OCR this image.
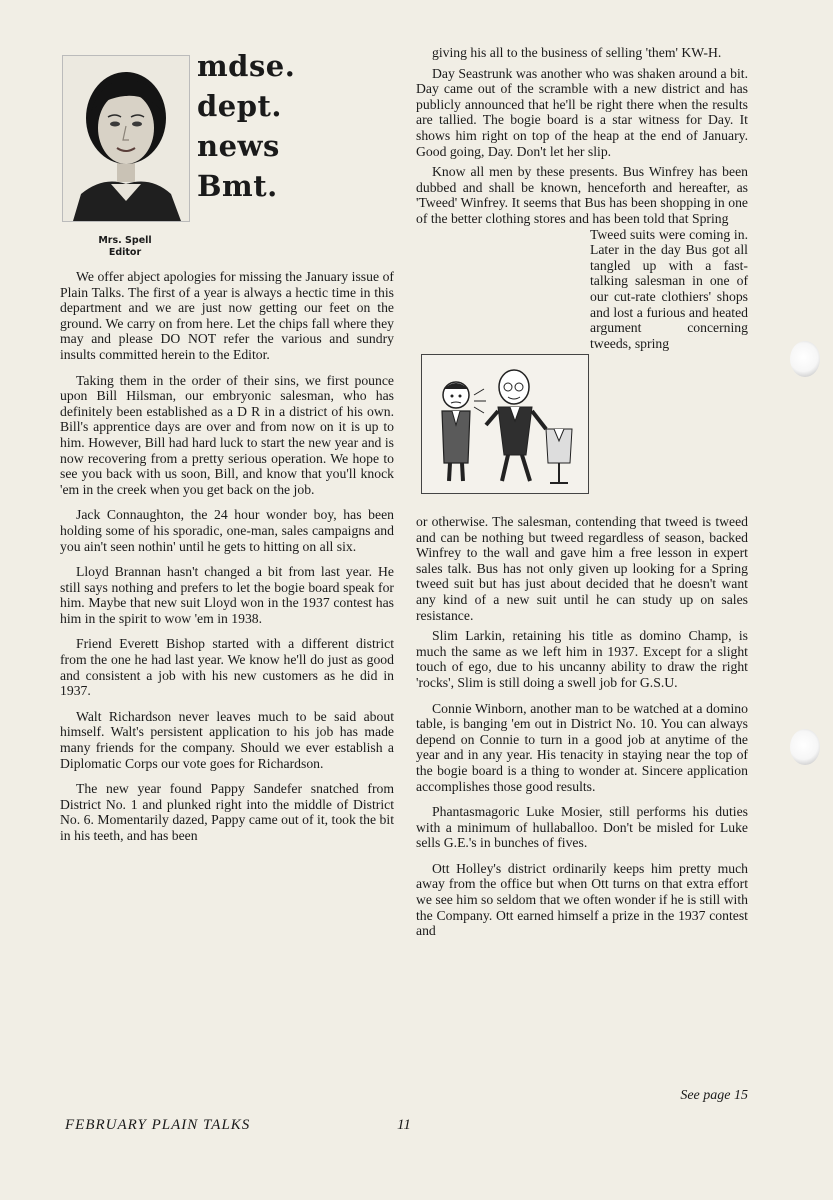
mdse.
dept.
news
Bmt.
Mrs. Spell
Editor

We offer abject apologies for missing the January issue of Plain Talks. The first of a year is always a hectic time in this department and we are just now getting our feet on the ground. We carry on from here. Let the chips fall where they may and please DO NOT refer the various and sundry insults committed herein to the Editor.

Taking them in the order of their sins, we first pounce upon Bill Hilsman, our embryonic salesman, who has definitely been established as a D R in a district of his own. Bill's apprentice days are over and from now on it is up to him. However, Bill had hard luck to start the new year and is now recovering from a pretty serious operation. We hope to see you back with us soon, Bill, and know that you'll knock 'em in the creek when you get back on the job.

Jack Connaughton, the 24 hour wonder boy, has been holding some of his sporadic, one-man, sales campaigns and you ain't seen nothin' until he gets to hitting on all six.

Lloyd Brannan hasn't changed a bit from last year. He still says nothing and prefers to let the bogie board speak for him. Maybe that new suit Lloyd won in the 1937 contest has him in the spirit to wow 'em in 1938.

Friend Everett Bishop started with a different district from the one he had last year. We know he'll do just as good and consistent a job with his new customers as he did in 1937.

Walt Richardson never leaves much to be said about himself. Walt's persistent application to his job has made many friends for the company. Should we ever establish a Diplomatic Corps our vote goes for Richardson.

The new year found Pappy Sandefer snatched from District No. 1 and plunked right into the middle of District No. 6. Momentarily dazed, Pappy came out of it, took the bit in his teeth, and has been

giving his all to the business of selling 'them' KW-H.

Day Seastrunk was another who was shaken around a bit. Day came out of the scramble with a new district and has publicly announced that he'll be right there when the results are tallied. The bogie board is a star witness for Day. It shows him right on top of the heap at the end of January. Good going, Day. Don't let her slip.

Know all men by these presents. Bus Winfrey has been dubbed and shall be known, henceforth and hereafter, as 'Tweed' Winfrey. It seems that Bus has been shopping in one of the better clothing stores and has been told that Spring

Tweed suits were coming in. Later in the day Bus got all tangled up with a fast-talking salesman in one of our cut-rate clothiers' shops and lost a furious and heated argument concerning tweeds, spring

or otherwise. The salesman, contending that tweed is tweed and can be nothing but tweed regardless of season, backed Winfrey to the wall and gave him a free lesson in expert sales talk. Bus has not only given up looking for a Spring tweed suit but has just about decided that he doesn't want any kind of a new suit until he can study up on sales resistance.

Slim Larkin, retaining his title as domino Champ, is much the same as we left him in 1937. Except for a slight touch of ego, due to his uncanny ability to draw the right 'rocks', Slim is still doing a swell job for G.S.U.

Connie Winborn, another man to be watched at a domino table, is banging 'em out in District No. 10. You can always depend on Connie to turn in a good job at anytime of the year and in any year. His tenacity in staying near the top of the bogie board is a thing to wonder at. Sincere application accomplishes those good results.

Phantasmagoric Luke Mosier, still performs his duties with a minimum of hullaballoo. Don't be misled for Luke sells G.E.'s in bunches of fives.

Ott Holley's district ordinarily keeps him pretty much away from the office but when Ott turns on that extra effort we see him so seldom that we often wonder if he is still with the Company. Ott earned himself a prize in the 1937 contest and

See page 15
FEBRUARY PLAIN TALKS	11
